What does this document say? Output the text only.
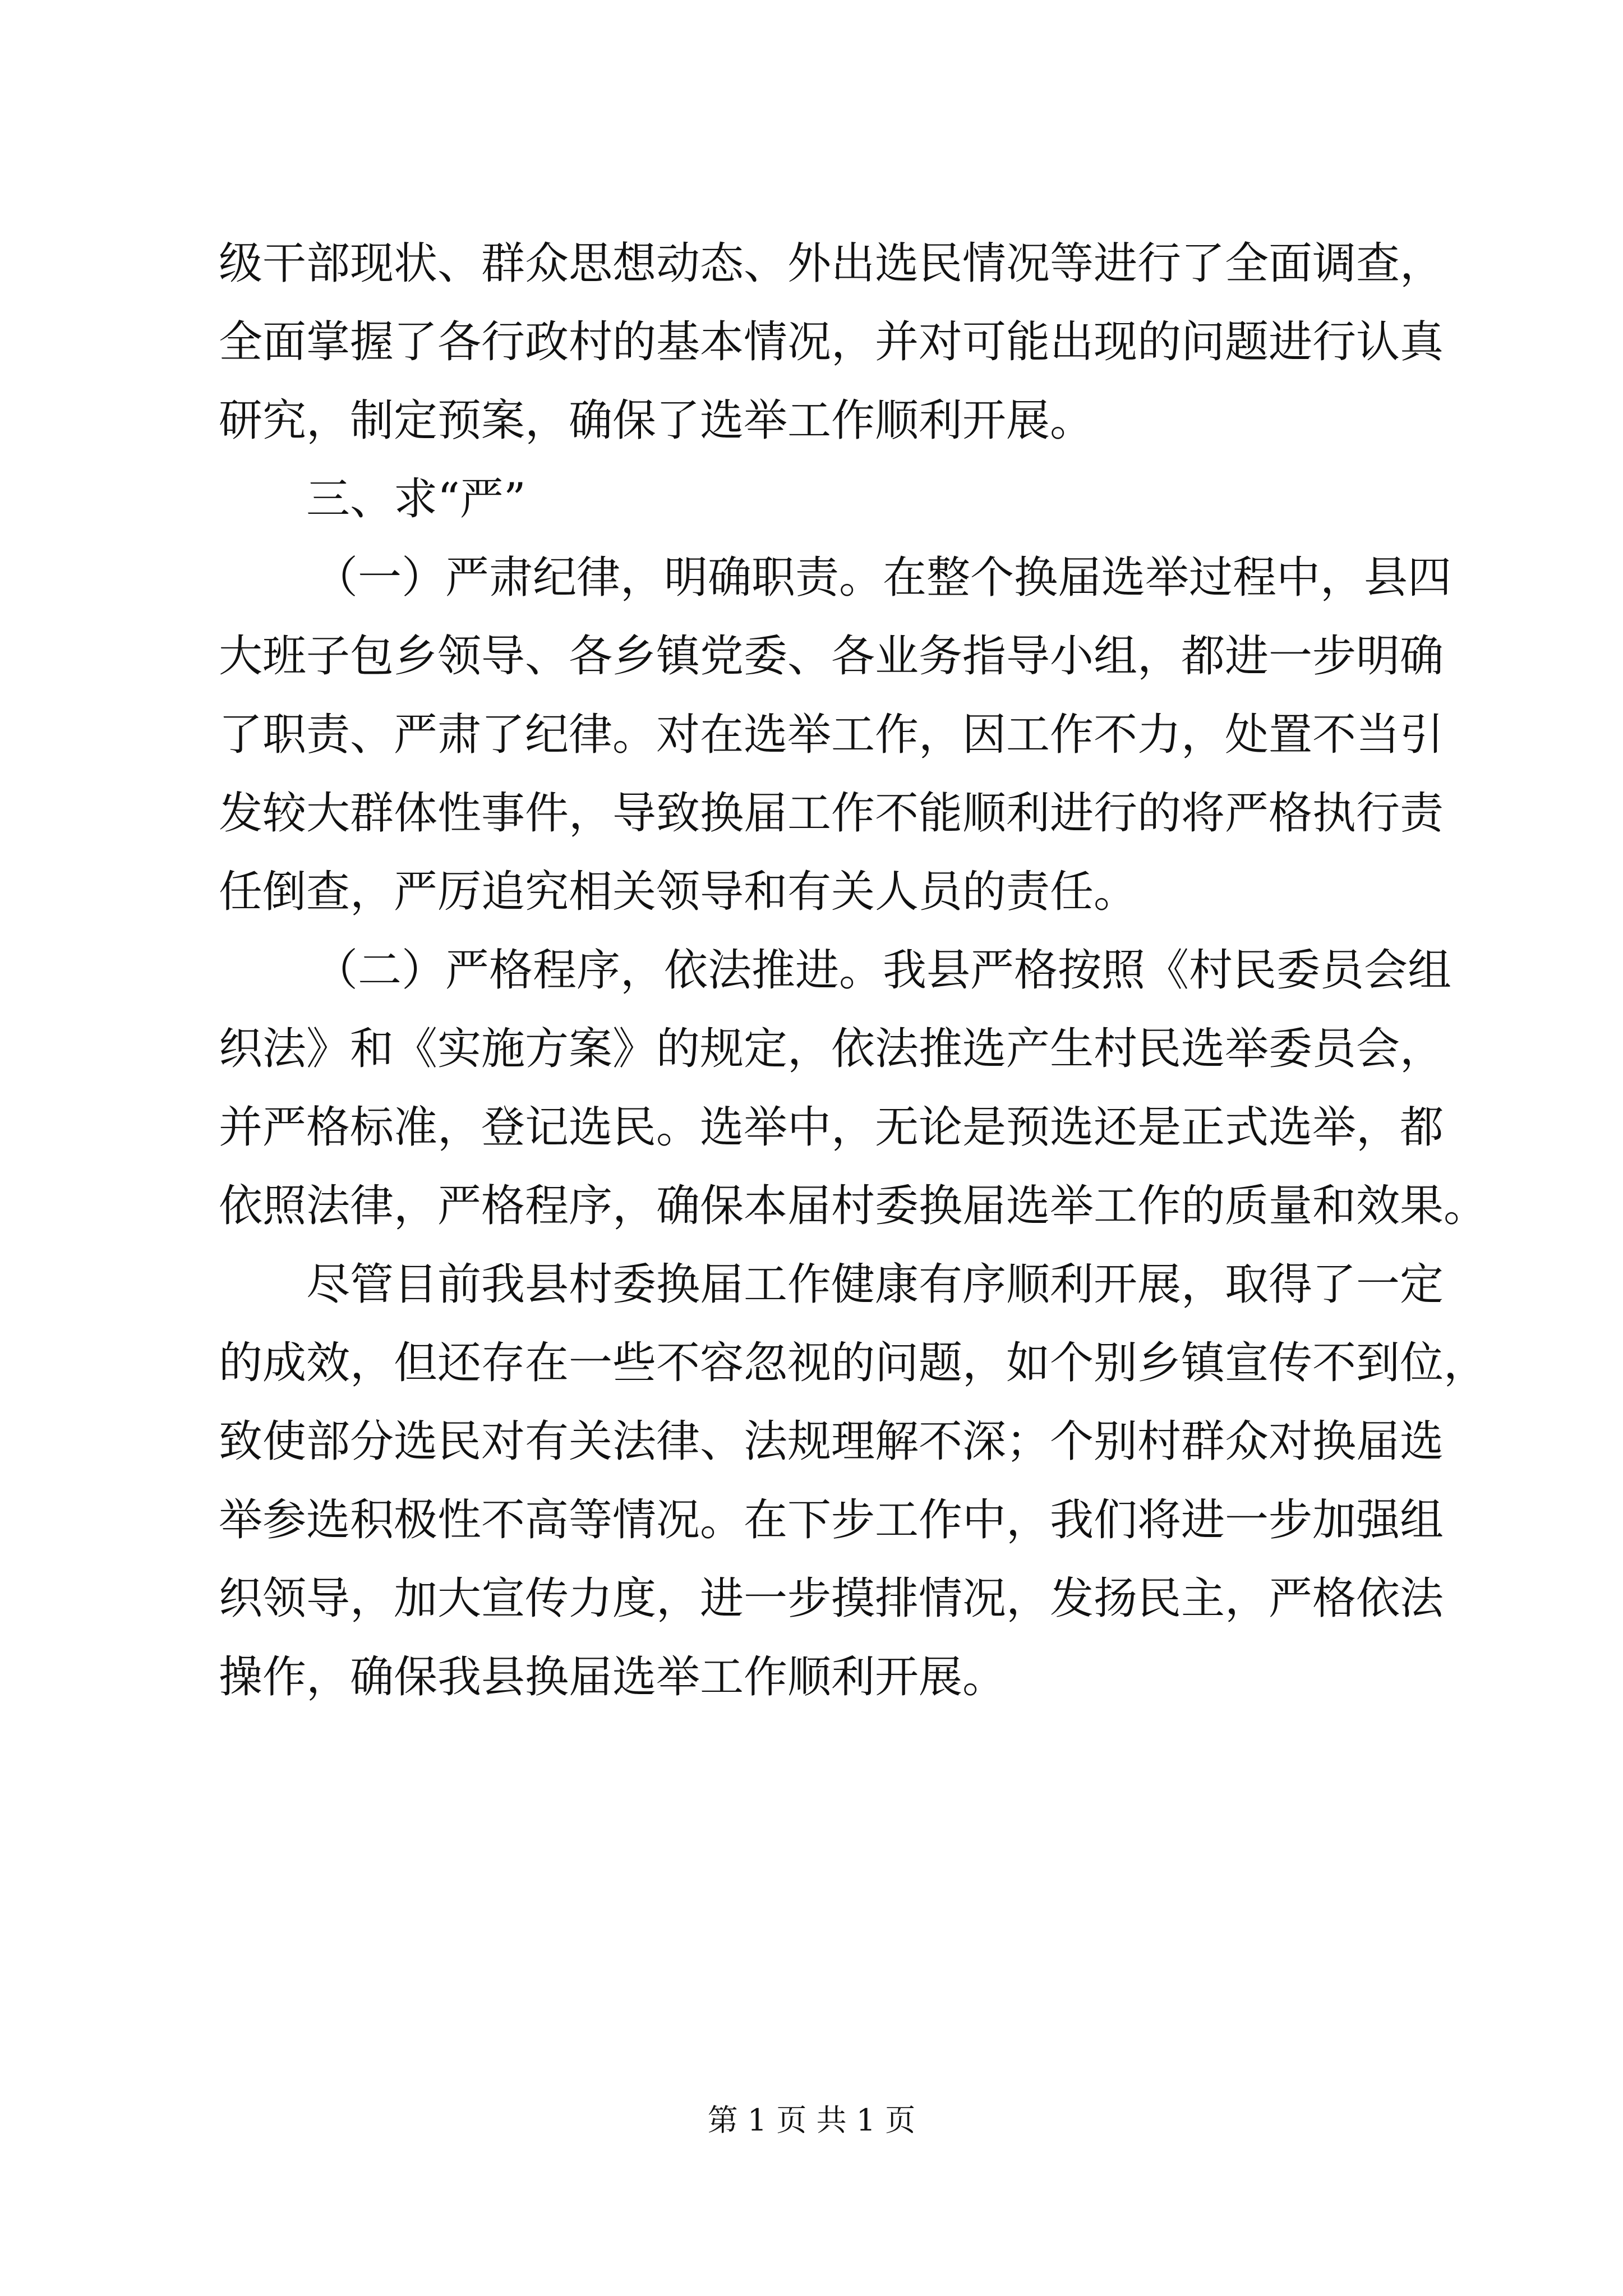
级干部现状、群众思想动态、外出选民情况等进行了全面调查，
全面掌握了各行政村的基本情况，并对可能出现的问题进行认真
研究，制定预案，确保了选举工作顺利开展。
三、求“严”
（一）严肃纪律，明确职责。在整个换届选举过程中，县四
大班子包乡领导、各乡镇党委、各业务指导小组，都进一步明确
了职责、严肃了纪律。对在选举工作，因工作不力，处置不当引
发较大群体性事件，导致换届工作不能顺利进行的将严格执行责
任倒查，严厉追究相关领导和有关人员的责任。
（二）严格程序，依法推进。我县严格按照《村民委员会组
织法》和《实施方案》的规定，依法推选产生村民选举委员会，
并严格标准，登记选民。选举中，无论是预选还是正式选举，都
依照法律，严格程序，确保本届村委换届选举工作的质量和效果。
尽管目前我县村委换届工作健康有序顺利开展，取得了一定
的成效，但还存在一些不容忽视的问题，如个别乡镇宣传不到位，
致使部分选民对有关法律、法规理解不深；个别村群众对换届选
举参选积极性不高等情况。在下步工作中，我们将进一步加强组
织领导，加大宣传力度，进一步摸排情况，发扬民主，严格依法
操作，确保我县换届选举工作顺利开展。
第 1 页 共 1 页
